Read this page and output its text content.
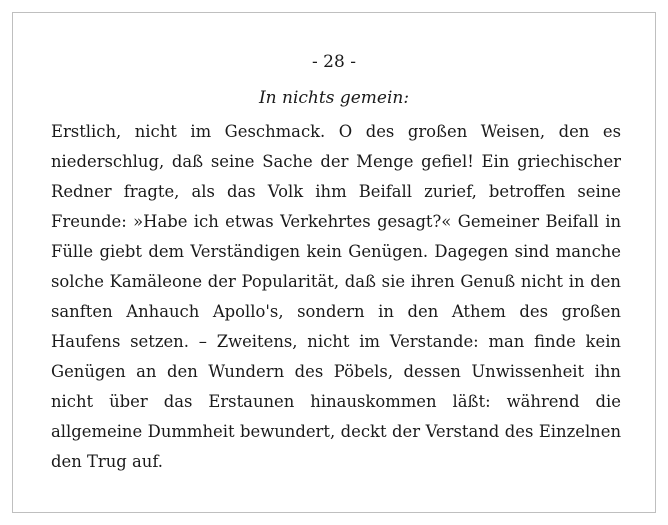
- 28 -
In nichts gemein:

Erstlich, nicht im Geschmack. O des großen Weisen, den es niederschlug, daß seine Sache der Menge gefiel! Ein griechischer Redner fragte, als das Volk ihm Beifall zurief, betroffen seine Freunde: »Habe ich etwas Verkehrtes gesagt?« Gemeiner Beifall in Fülle giebt dem Verständigen kein Genügen. Dagegen sind manche solche Kamäleone der Popularität, daß sie ihren Genuß nicht in den sanften Anhauch Apollo's, sondern in den Athem des großen Haufens setzen. – Zweitens, nicht im Verstande: man finde kein Genügen an den Wundern des Pöbels, dessen Unwissenheit ihn nicht über das Erstaunen hinauskommen läßt: während die allgemeine Dummheit bewundert, deckt der Verstand des Einzelnen den Trug auf.
